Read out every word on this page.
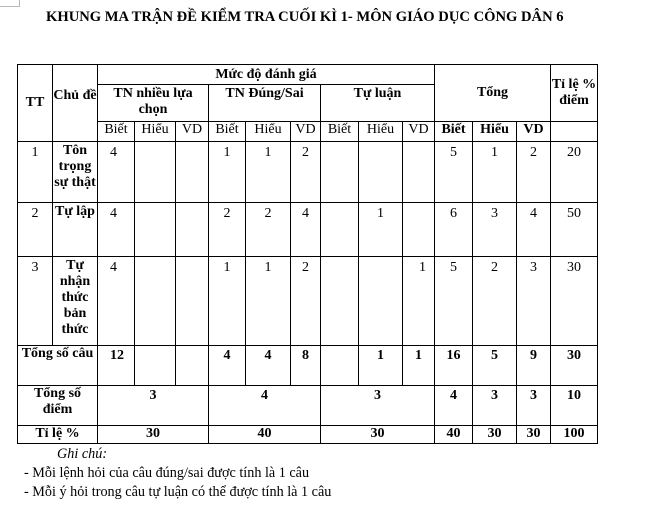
KHUNG MA TRẬN ĐỀ KIỂM TRA CUỐI KÌ 1- MÔN GIÁO DỤC CÔNG DÂN 6
TT	Chủ đề	Mức độ đánh giá									Tổng			Tỉ lệ % điểm
		TN nhiều lựa chọn			TN Đúng/Sai			Tự luận						
		Biết	Hiểu	VD	Biết	Hiểu	VD	Biết	Hiểu	VD	Biết	Hiểu	VD	
1	Tôn trọng sự thật	4			1	1	2				5	1	2	20
2	Tự lập	4			2	2	4		1		6	3	4	50
3	Tự nhận thức bản thức	4			1	1	2			1	5	2	3	30
Tổng số câu		12			4	4	8		1	1	16	5	9	30
Tổng số điểm		3			4			3			4	3	3	10
Tỉ lệ %		30			40			30			40	30	30	100
Ghi chú:
- Mỗi lệnh hỏi của câu đúng/sai được tính là 1 câu
- Mỗi ý hỏi trong câu tự luận có thể được tính là 1 câu
